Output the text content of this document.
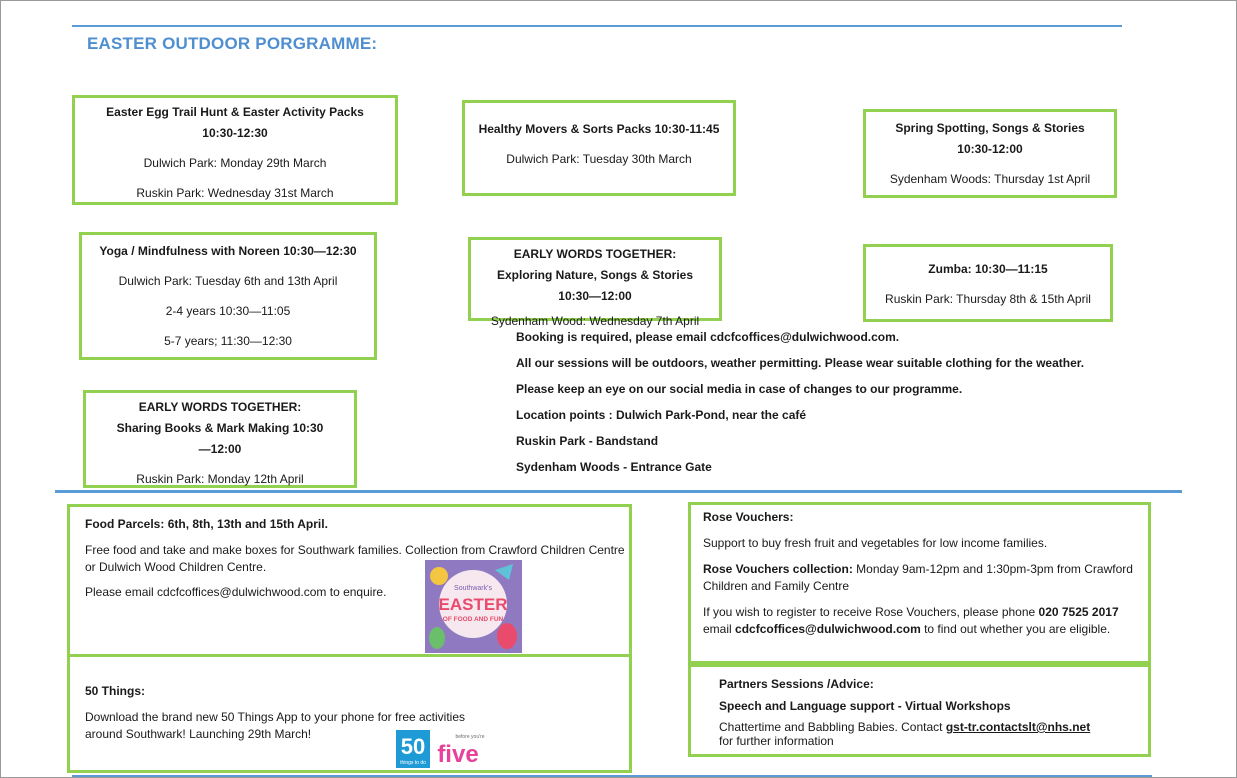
EASTER OUTDOOR PORGRAMME:

Easter Egg Trail Hunt & Easter Activity Packs 10:30-12:30

Dulwich Park: Monday 29th March

Ruskin Park: Wednesday 31st March

Healthy Movers & Sorts Packs 10:30-11:45

Dulwich Park: Tuesday 30th March

Spring Spotting, Songs & Stories 10:30-12:00

Sydenham Woods: Thursday 1st April

Yoga / Mindfulness with Noreen 10:30—12:30

Dulwich Park: Tuesday 6th and 13th April

2-4 years 10:30—11:05

5-7 years; 11:30—12:30

EARLY WORDS TOGETHER: Exploring Nature, Songs & Stories 10:30—12:00

Sydenham Wood: Wednesday 7th April

Zumba: 10:30—11:15

Ruskin Park: Thursday 8th & 15th April

EARLY WORDS TOGETHER: Sharing Books & Mark Making 10:30—12:00

Ruskin Park: Monday 12th April

Booking is required, please email cdcfcoffices@dulwichwood.com.

All our sessions will be outdoors, weather permitting. Please wear suitable clothing for the weather.

Please keep an eye on our social media in case of changes to our programme.

Location points : Dulwich Park-Pond, near the café

Ruskin Park - Bandstand

Sydenham Woods - Entrance Gate

Food Parcels: 6th, 8th, 13th and 15th April.

Free food and take and make boxes for Southwark families. Collection from Crawford Children Centre or Dulwich Wood Children Centre.

Please email cdcfcoffices@dulwichwood.com to enquire.	Southwark's
EASTER
OF FOOD AND FUN

50 Things:

Download the brand new 50 Things App to your phone for free activities around Southwark! Launching 29th March!	50
things to do
before you're
five

Rose Vouchers:

Support to buy fresh fruit and vegetables for low income families.

Rose Vouchers collection: Monday 9am-12pm and 1:30pm-3pm from Crawford Children and Family Centre

If you wish to register to receive Rose Vouchers, please phone 020 7525 2017
email cdcfcoffices@dulwichwood.com to find out whether you are eligible.

Partners Sessions /Advice:

Speech and Language support - Virtual Workshops

Chattertime and Babbling Babies. Contact gst-tr.contactslt@nhs.net
for further information
